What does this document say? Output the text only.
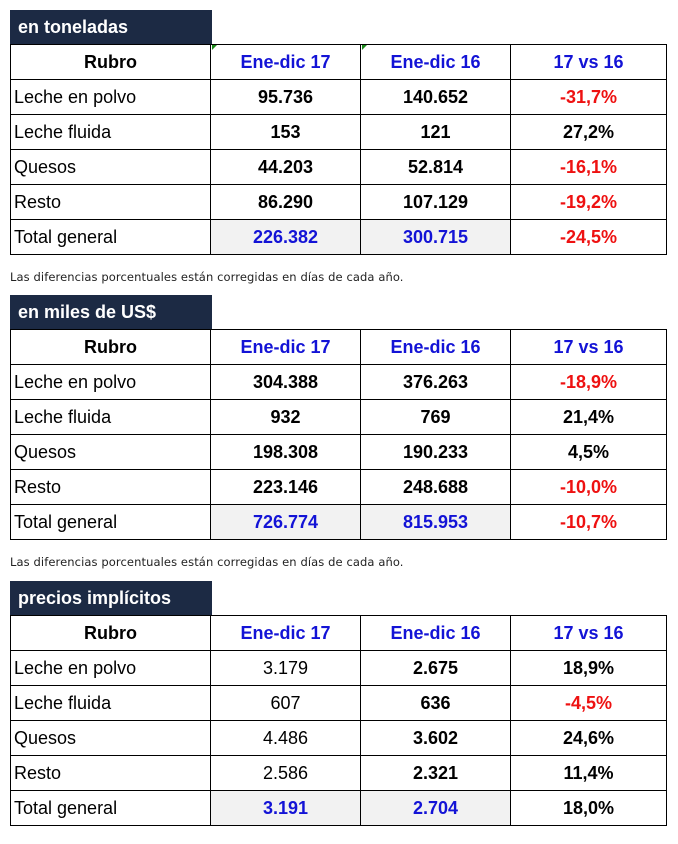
en toneladas
Rubro	Ene-dic 17	Ene-dic 16	17 vs 16
Leche en polvo	95.736	140.652	-31,7%
Leche fluida	153	121	27,2%
Quesos	44.203	52.814	-16,1%
Resto	86.290	107.129	-19,2%
Total general	226.382	300.715	-24,5%
Las diferencias porcentuales están corregidas en días de cada año.
en miles de US$
Rubro	Ene-dic 17	Ene-dic 16	17 vs 16
Leche en polvo	304.388	376.263	-18,9%
Leche fluida	932	769	21,4%
Quesos	198.308	190.233	4,5%
Resto	223.146	248.688	-10,0%
Total general	726.774	815.953	-10,7%
Las diferencias porcentuales están corregidas en días de cada año.
precios implícitos
Rubro	Ene-dic 17	Ene-dic 16	17 vs 16
Leche en polvo	3.179	2.675	18,9%
Leche fluida	607	636	-4,5%
Quesos	4.486	3.602	24,6%
Resto	2.586	2.321	11,4%
Total general	3.191	2.704	18,0%
